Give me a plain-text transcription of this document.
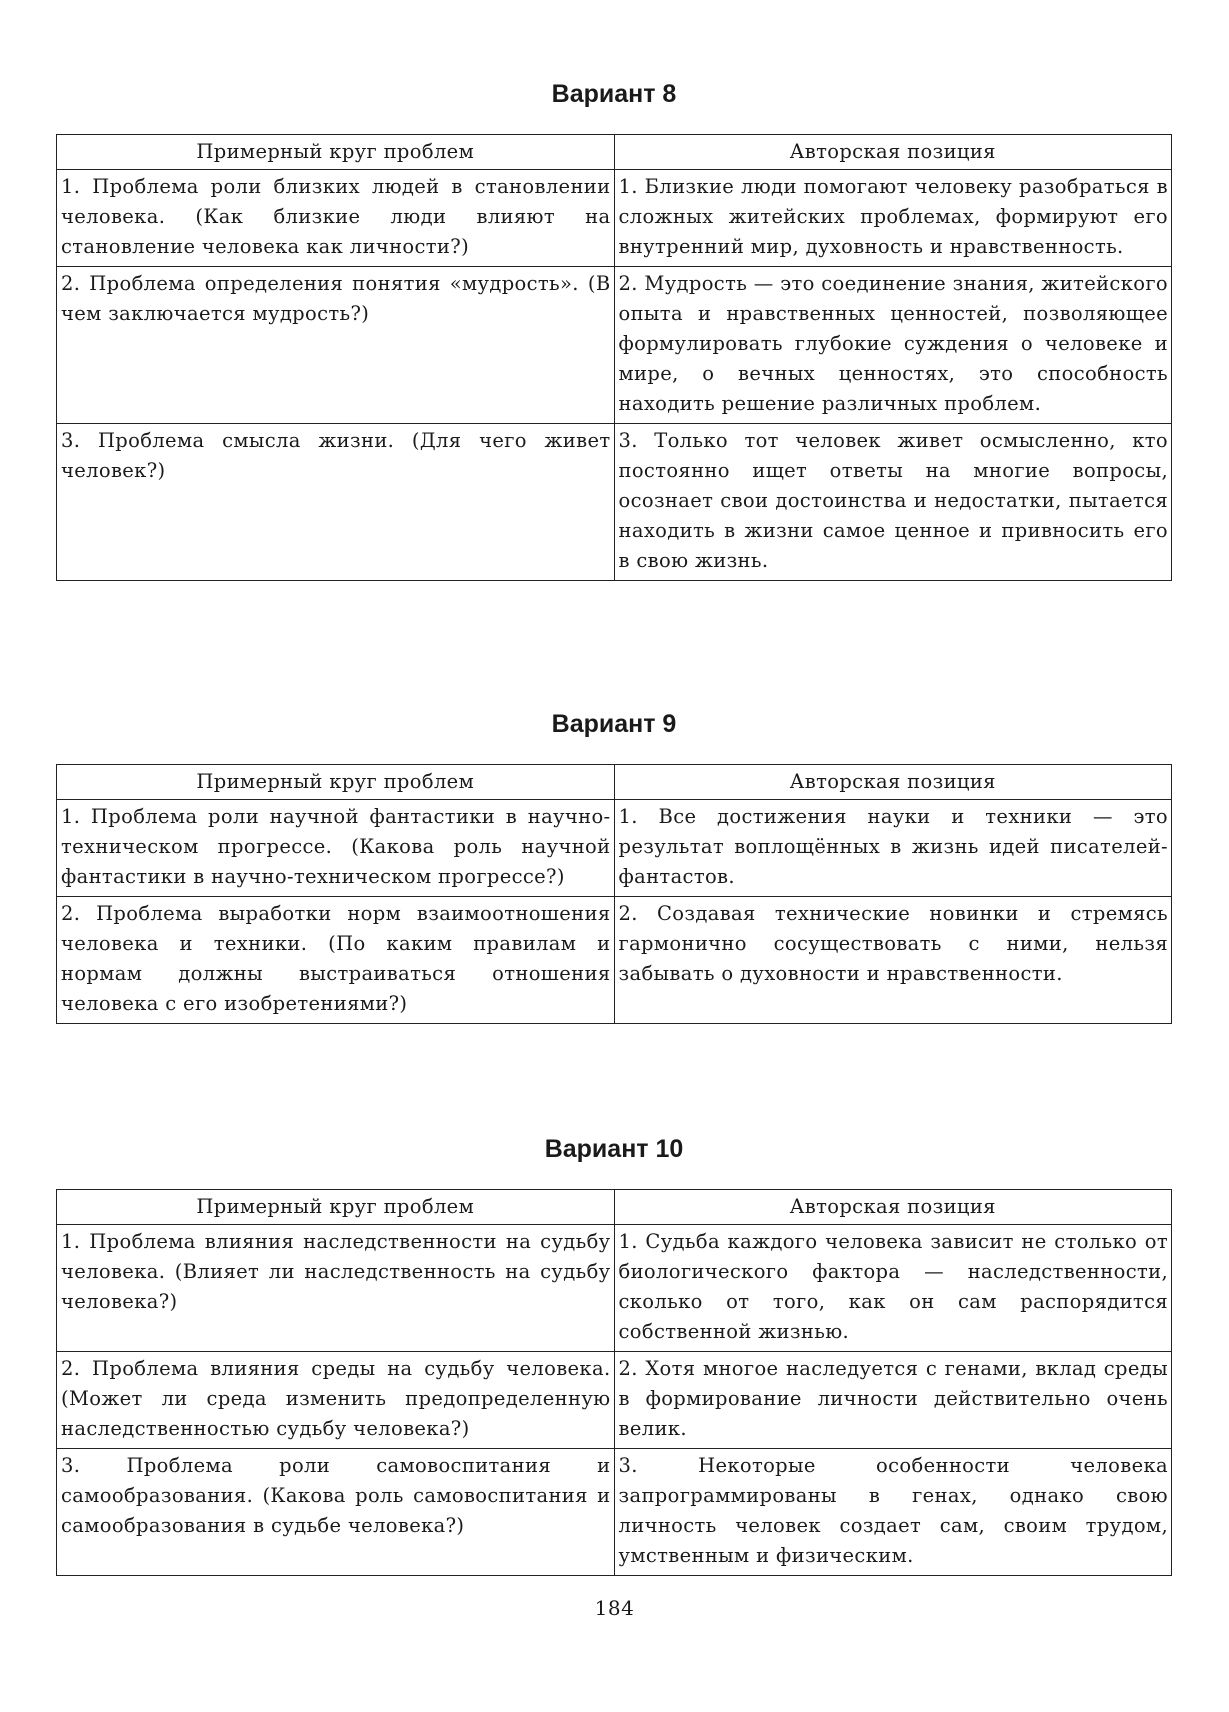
Вариант 8
Примерный круг проблем	Авторская позиция
1. Проблема роли близких людей в становлении человека. (Как близкие люди влияют на становление человека как личности?)	1. Близкие люди помогают человеку разобраться в сложных житейских проблемах, формируют его внутренний мир, духовность и нравственность.
2. Проблема определения понятия «мудрость». (В чем заключается мудрость?)	2. Мудрость — это соединение знания, житейского опыта и нравственных ценностей, позволяющее формулировать глубокие суждения о человеке и мире, о вечных ценностях, это способность находить решение различных проблем.
3. Проблема смысла жизни. (Для чего живет человек?)	3. Только тот человек живет осмысленно, кто постоянно ищет ответы на многие вопросы, осознает свои достоинства и недостатки, пытается находить в жизни самое ценное и привносить его в свою жизнь.
Вариант 9
Примерный круг проблем	Авторская позиция
1. Проблема роли научной фантастики в научно-техническом прогрессе. (Какова роль научной фантастики в научно-техническом прогрессе?)	1. Все достижения науки и техники — это результат воплощённых в жизнь идей писателей-фантастов.
2. Проблема выработки норм взаимоотношения человека и техники. (По каким правилам и нормам должны выстраиваться отношения человека с его изобретениями?)	2. Создавая технические новинки и стремясь гармонично сосуществовать с ними, нельзя забывать о духовности и нравственности.
Вариант 10
Примерный круг проблем	Авторская позиция
1. Проблема влияния наследственности на судьбу человека. (Влияет ли наследственность на судьбу человека?)	1. Судьба каждого человека зависит не столько от биологического фактора — наследственности, сколько от того, как он сам распорядится собственной жизнью.
2. Проблема влияния среды на судьбу человека. (Может ли среда изменить предопределенную наследственностью судьбу человека?)	2. Хотя многое наследуется с генами, вклад среды в формирование личности действительно очень велик.
3. Проблема роли самовоспитания и самообразования. (Какова роль самовоспитания и самообразования в судьбе человека?)	3. Некоторые особенности человека запрограммированы в генах, однако свою личность человек создает сам, своим трудом, умственным и физическим.
184
